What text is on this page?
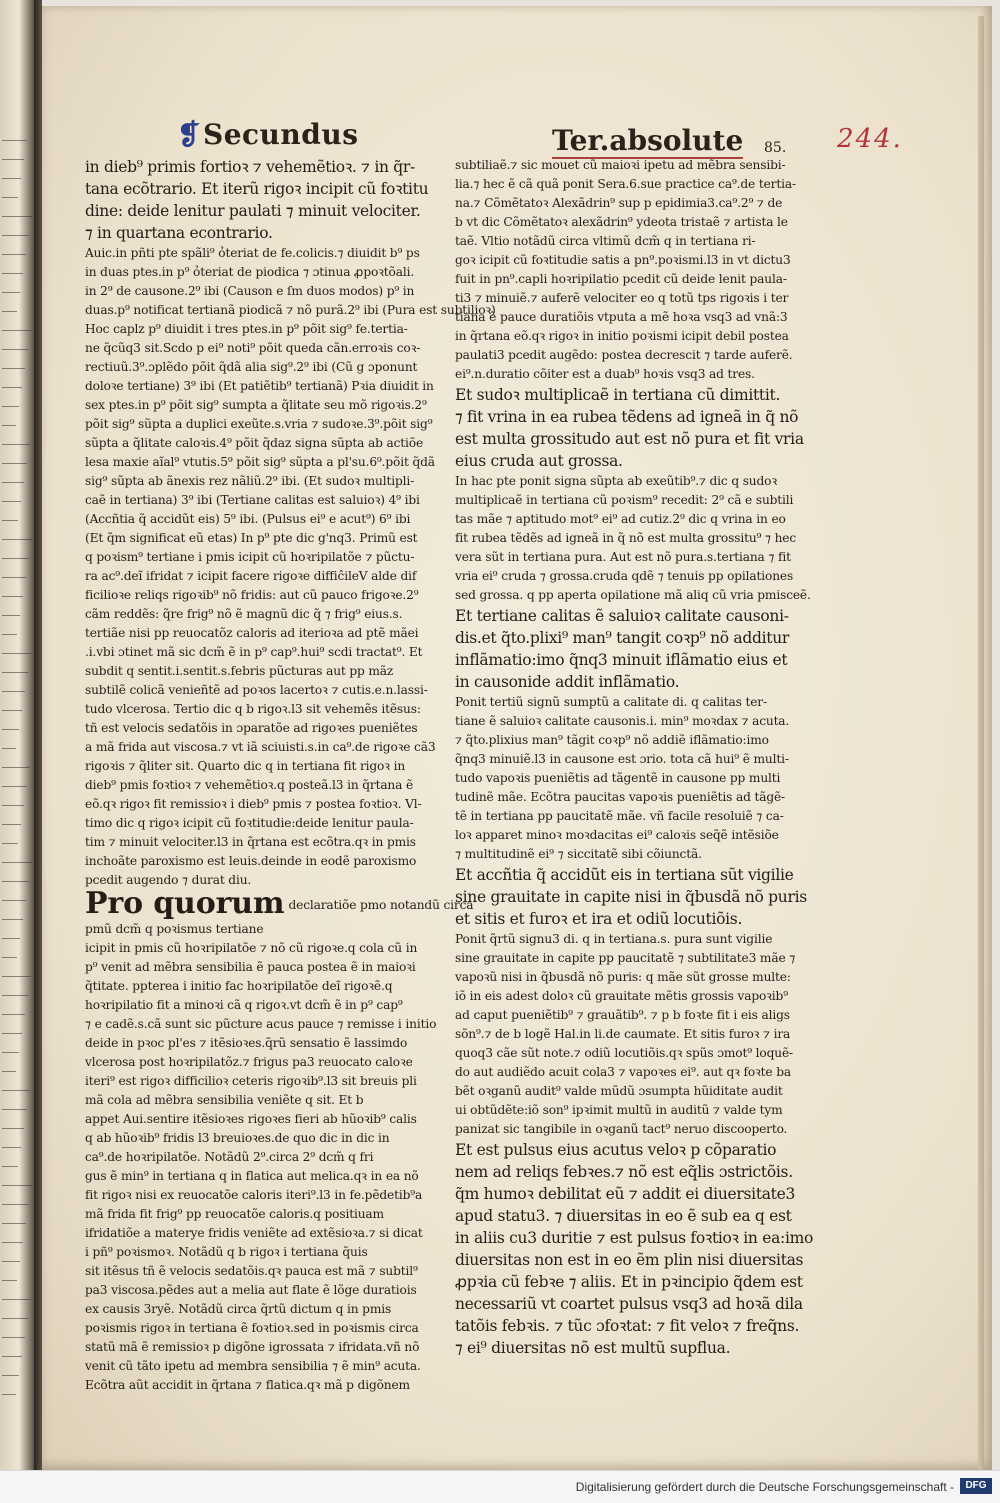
❡Secundus	Ter.absolute 85. 244.
in dieb⁹ primis fortioꝛ ⁊ vehemẽtioꝛ. ⁊ in q̃r-
tana ecõtrario. Et iterũ rigoꝛ incipit cũ foꝛtitu
dine: deide lenitur paulati ⁊ minuit velociter.
⁊ in quartana econtrario.
Auic.in pñti pte spãli⁹ ỏteriat de fe.colicis.⁊ diuidit b⁹ ps
in duas ptes.in p⁹ ỏteriat de piodica ⁊ ɔtinua ꝓpoꝛtõali.
in 2⁹ de causone.2⁹ ibi (Causon e ſm duos modos) p⁹ in
duas.p⁹ notificat tertianã piodicã ⁊ nõ purã.2⁹ ibi (Pura est subtilioꝛ)
Hoc caplz p⁹ diuidit i tres ptes.in p⁹ põit sig⁹ fe.tertia-
ne q̃cũq3 sit.Scdo p ei⁹ noti⁹ põit queda cãn.erroꝛis coꝛ-
rectiuũ.3⁹.ɔplẽdo põit q̃dã alia sig⁹.2⁹ ibi (Cũ g ɔponunt
doloꝛe tertiane) 3⁹ ibi (Et patiẽtib⁹ tertianã) Pꝛia diuidit in
sex ptes.in p⁹ põit sig⁹ sumpta a q̃litate seu mõ rigoꝛis.2⁹
põit sig⁹ sũpta a duplici exeũte.s.vria ⁊ sudoꝛe.3⁹.põit sig⁹
sũpta a q̃litate caloꝛis.4⁹ põit q̃daz signa sũpta ab actiõe
lesa maxie aĩal⁹ vtutis.5⁹ põit sig⁹ sũpta a pl'su.6⁹.põit q̃dã
sig⁹ sũpta ab ãnexis rez nãliũ.2⁹ ibi. (Et sudoꝛ multipli-
caẽ in tertiana) 3⁹ ibi (Tertiane calitas est saluioꝛ) 4⁹ ibi
(Accñtia q̃ accidũt eis) 5⁹ ibi. (Pulsus ei⁹ e acut⁹) 6⁹ ibi
(Et q̃m significat eũ etas) In p⁹ pte dic g'nq3. Primũ est
q poꝛism⁹ tertiane i pmis icipit cũ hoꝛripilatõe ⁊ pũctu-
ra ac⁹.deĩ ifridat ⁊ icipit facere rigoꝛe diffiĉileV alde dif
ficilioꝛe reliqs rigoꝛib⁹ nõ fridis: aut cũ pauco frigoꝛe.2⁹
cãm reddẽs: q̃re frig⁹ nõ ẽ magnũ dic q̃ ⁊ frig⁹ eius.s.
tertiãe nisi pp reuocatõz caloris ad iterioꝛa ad ptẽ mãei
.i.vbi ɔtinet mã sic dcm̃ ẽ in p⁹ cap⁹.hui⁹ scdi tractat⁹. Et
subdit q sentit.i.sentit.s.febris pũcturas aut pp mãz
subtilẽ colicã venieñtẽ ad poꝛos lacertoꝛ ⁊ cutis.e.n.lassi-
tudo vlcerosa. Tertio dic q b rigoꝛ.l3 sit vehemẽs itẽsus:
tñ est velocis sedatõis in ɔparatõe ad rigoꝛes pueniẽtes
a mã frida aut viscosa.⁊ vt iã sciuisti.s.in ca⁹.de rigoꝛe cã3
rigoꝛis ⁊ q̃liter sit. Quarto dic q in tertiana fit rigoꝛ in
dieb⁹ pmis foꝛtioꝛ ⁊ vehemẽtioꝛ.q posteã.l3 in q̃rtana ẽ
eõ.qꝛ rigoꝛ fit remissioꝛ i dieb⁹ pmis ⁊ postea foꝛtioꝛ. Vl-
timo dic q rigoꝛ icipit cũ foꝛtitudie:deide lenitur paula-
tim ⁊ minuit velociter.l3 in q̃rtana est ecõtra.qꝛ in pmis
inchoãte paroxismo est leuis.deinde in eodẽ paroxismo
pcedit augendo ⁊ durat diu.
Pro quorum declaratiõe pmo notandũ circa
pmũ dcm̃ q poꝛismus tertiane
icipit in pmis cũ hoꝛripilatõe ⁊ nõ cũ rigoꝛe.q cola cũ in
p⁹ venit ad mẽbra sensibilia ẽ pauca postea ẽ in maioꝛi
q̃titate. ppterea i initio fac hoꝛripilatõe deĩ rigoꝛẽ.q
hoꝛripilatio fit a minoꝛi cã q rigoꝛ.vt dcm̃ ẽ in p⁹ cap⁹
⁊ e cadẽ.s.cã sunt sic pũcture acus pauce ⁊ remisse i initio
deide in pꝛoc pl'es ⁊ itẽsioꝛes.q̃rũ sensatio ẽ lassimdo
vlcerosa post hoꝛripilatõz.⁊ frigus pa3 reuocato caloꝛe
iteri⁹ est rigoꝛ difficilioꝛ ceteris rigoꝛib⁹.l3 sit breuis pli
mã cola ad mẽbra sensibilia veniẽte q sit. Et b
appet Aui.sentire itẽsioꝛes rigoꝛes fieri ab hũoꝛib⁹ calis
q ab hũoꝛib⁹ fridis l3 breuioꝛes.de quo dic in dic in
ca⁹.de hoꝛripilatõe. Notãdũ 2⁹.circa 2⁹ dcm̃ q fri
gus ẽ min⁹ in tertiana q in flatica aut melica.qꝛ in ea nõ
fit rigoꝛ nisi ex reuocatõe caloris iteri⁹.l3 in fe.pẽdetib⁹a
mã frida fit frig⁹ pp reuocatõe caloris.q positiuam
ifridatiõe a materye fridis veniẽte ad extẽsioꝛa.⁊ si dicat
i pñ⁹ poꝛismoꝛ. Notãdũ q b rigoꝛ i tertiana q̃uis
sit itẽsus tñ ẽ velocis sedatõis.qꝛ pauca est mã ⁊ subtil⁹
pa3 viscosa.pẽdes aut a melia aut flate ẽ lõge duratiois
ex causis 3ryẽ. Notãdũ circa q̃rtũ dictum q in pmis
poꝛismis rigoꝛ in tertiana ẽ foꝛtioꝛ.sed in poꝛismis circa
statũ mã ẽ remissioꝛ p digõne igrossata ⁊ ifridata.vñ nõ
venit cũ tãto ipetu ad membra sensibilia ⁊ ẽ min⁹ acuta.
Ecõtra aũt accidit in q̃rtana ⁊ flatica.qꝛ mã p digõnem
subtiliaẽ.⁊ sic mouet cũ maioꝛi ipetu ad mẽbra sensibi-
lia.⁊ hec ẽ cã quã ponit Sera.6.sue practice ca⁹.de tertia-
na.⁊ Cõmẽtatoꝛ Alexãdrin⁹ sup p epidimia3.ca⁹.2⁹ ⁊ de
b vt dic Cõmẽtatoꝛ alexãdrin⁹ ydeota tristaẽ ⁊ artista le
taẽ. Vltio notãdũ circa vltimũ dcm̃ q in tertiana ri-
goꝛ icipit cũ foꝛtitudie satis a pn⁹.poꝛismi.l3 in vt dictu3
fuit in pn⁹.capli hoꝛripilatio pcedit cũ deide lenit paula-
ti3 ⁊ minuiẽ.⁊ auferẽ velociter eo q totũ tps rigoꝛis i ter
tiana ẽ pauce duratiõis vtputa a mẽ hoꝛa vsq3 ad vnã:3
in q̃rtana eõ.qꝛ rigoꝛ in initio poꝛismi icipit debil postea
paulati3 pcedit augẽdo: postea decrescit ⁊ tarde auferẽ.
ei⁹.n.duratio cõiter est a duab⁹ hoꝛis vsq3 ad tres.
Et sudoꝛ multiplicaẽ in tertiana cũ dimittit.
⁊ fit vrina in ea rubea tẽdens ad igneã in q̃ nõ
est multa grossitudo aut est nõ pura et fit vria
eius cruda aut grossa.
In hac pte ponit signa sũpta ab exeũtib⁹.⁊ dic q sudoꝛ
multiplicaẽ in tertiana cũ poꝛism⁹ recedit: 2⁹ cã e subtili
tas mãe ⁊ aptitudo mot⁹ ei⁹ ad cutiz.2⁹ dic q vrina in eo
fit rubea tẽdẽs ad igneã in q̃ nõ est multa grossitu⁹ ⁊ hec
vera sũt in tertiana pura. Aut est nõ pura.s.tertiana ⁊ fit
vria ei⁹ cruda ⁊ grossa.cruda qdẽ ⁊ tenuis pp opilationes
sed grossa. q pp aperta opilatione mã aliq cũ vria pmisceẽ.
Et tertiane calitas ẽ saluioꝛ calitate causoni-
dis.et q̃to.plixi⁹ man⁹ tangit coꝛp⁹ nõ additur
inflãmatio:imo q̃nq3 minuit iflãmatio eius et
in causonide addit inflãmatio.
Ponit tertiũ signũ sumptũ a calitate di. q calitas ter-
tiane ẽ saluioꝛ calitate causonis.i. min⁹ moꝛdax ⁊ acuta.
⁊ q̃to.plixius man⁹ tãgit coꝛp⁹ nõ addiẽ iflãmatio:imo
q̃nq3 minuiẽ.l3 in causone est ɔrio. tota cã hui⁹ ẽ multi-
tudo vapoꝛis pueniẽtis ad tãgentẽ in causone pp multi
tudinẽ mãe. Ecõtra paucitas vapoꝛis pueniẽtis ad tãgẽ-
tẽ in tertiana pp paucitatẽ mãe. vñ facile resoluiẽ ⁊ ca-
loꝛ apparet minoꝛ moꝛdacitas ei⁹ caloꝛis seq̃ẽ intẽsiõe
⁊ multitudinẽ ei⁹ ⁊ siccitatẽ sibi cõiunctã.
Et accñtia q̃ accidũt eis in tertiana sũt vigilie
sine grauitate in capite nisi in q̃busdã nõ puris
et sitis et furoꝛ et ira et odiũ locutiõis.
Ponit q̃rtũ signu3 di. q in tertiana.s. pura sunt vigilie
sine grauitate in capite pp paucitatẽ ⁊ subtilitate3 mãe ⁊
vapoꝛũ nisi in q̃busdã nõ puris: q mãe sũt grosse multe:
iõ in eis adest doloꝛ cũ grauitate mẽtis grossis vapoꝛib⁹
ad caput pueniẽtib⁹ ⁊ grauãtib⁹. ⁊ p b foꝛte fit i eis aligs
sõn⁹.⁊ de b logẽ Hal.in li.de caumate. Et sitis furoꝛ ⁊ ira
quoq3 cãe sũt note.⁊ odiũ locutiõis.qꝛ spũs ɔmot⁹ loquẽ-
do aut audiẽdo acuit cola3 ⁊ vapoꝛes ei⁹. aut qꝛ foꝛte ba
bẽt oꝛganũ audit⁹ valde mũdũ ɔsumpta hũiditate audit
ui obtũdẽte:iõ son⁹ ipꝛimit multũ in auditũ ⁊ valde tym
panizat sic tangibile in oꝛganũ tact⁹ neruo discooperto.
Et est pulsus eius acutus veloꝛ p cõparatio
nem ad reliqs febꝛes.⁊ nõ est eq̃lis ɔstrictõis.
q̃m humoꝛ debilitat eũ ⁊ addit ei diuersitate3
apud statu3. ⁊ diuersitas in eo ẽ sub ea q est
in aliis cu3 duritie ⁊ est pulsus foꝛtioꝛ in ea:imo
diuersitas non est in eo ẽm plin nisi diuersitas
ꝓpꝛia cũ febꝛe ⁊ aliis. Et in pꝛincipio q̃dem est
necessariũ vt coartet pulsus vsq3 ad hoꝛã dila
tatõis febꝛis. ⁊ tũc ɔfoꝛtat: ⁊ fit veloꝛ ⁊ freq̃ns.
⁊ ei⁹ diuersitas nõ est multũ supflua.
Digitalisierung gefördert durch die Deutsche Forschungsgemeinschaft -	DFG
